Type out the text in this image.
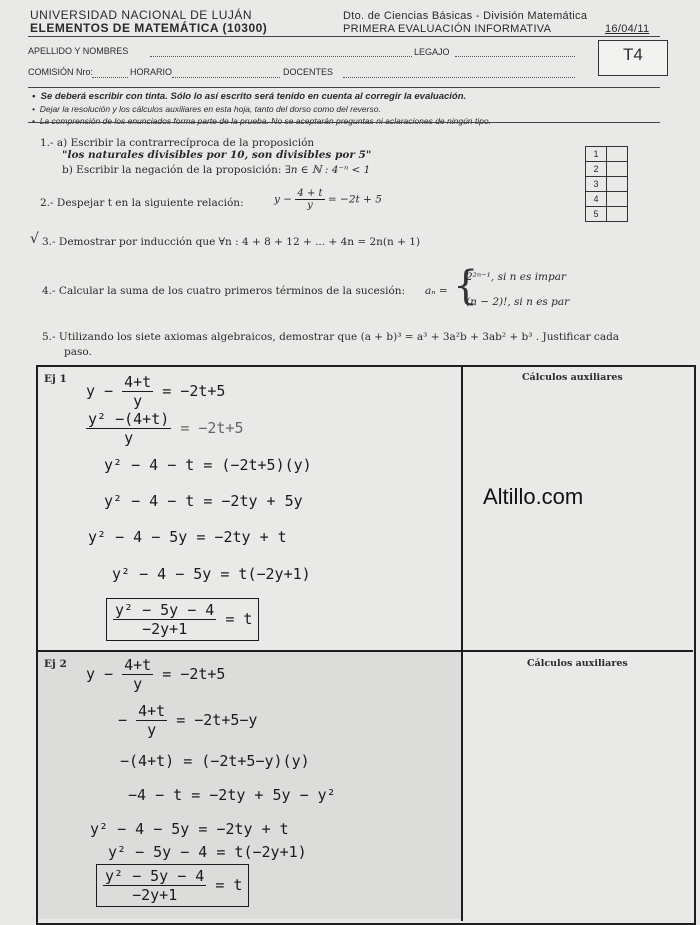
UNIVERSIDAD NACIONAL DE LUJÁN
ELEMENTOS DE MATEMÁTICA (10300)
Dto. de Ciencias Básicas - División Matemática
PRIMERA EVALUACIÓN INFORMATIVA	16/04/11
APELLIDO Y NOMBRES	LEGAJO
COMISIÓN Nro:	HORARIO	DOCENTES
T4
•  Se deberá escribir con tinta. Sólo lo así escrito será tenido en cuenta al corregir la evaluación.
•  Dejar la resolución y los cálculos auxiliares en esta hoja, tanto del dorso como del reverso.
•  La comprensión de los enunciados forma parte de la prueba. No se aceptarán preguntas ni aclaraciones de ningún tipo.
1	
2	
3	
4	
5	
1.- a) Escribir la contrarrecíproca de la proposición
"los naturales divisibles por 10, son divisibles por 5"
b) Escribir la negación de la proposición: ∃n ∈ ℕ : 4⁻ⁿ < 1
2.- Despejar t en la siguiente relación:	$y - \frac{4 + t}{y} = -2t + 5$
√ 3.- Demostrar por inducción que ∀n : 4 + 8 + 12 + ... + 4n = 2n(n + 1)
4.- Calcular la suma de los cuatro primeros términos de la sucesión: aₙ = {
2²ⁿ⁻¹, si n es impar
(n − 2)!, si n es par
5.- Utilizando los siete axiomas algebraicos, demostrar que (a + b)³ = a³ + 3a²b + 3ab² + b³ . Justificar cada
paso.
Ej 1
Ej 2
Cálculos auxiliares
Cálculos auxiliares
Altillo.com
$y - \frac{4+t}{y} = -2t+5$
$\frac{\text{y² −(4+t)}}{y} = -2t+5$
y² − 4 − t = (−2t+5)(y)
y² − 4 − t = −2ty + 5y
y² − 4 − 5y = −2ty + t
y² − 4 − 5y = t(−2y+1)
$\frac{\text{y² − 5y − 4}}{-2y+1} = t$
$y - \frac{4+t}{y} = -2t+5$
− $\frac{4+t}{y} = -2t+5-y$
−(4+t) = (−2t+5−y)(y)
−4 − t = −2ty + 5y − y²
y² − 4 − 5y = −2ty + t
y² − 5y − 4 = t(−2y+1)
$\frac{\text{y² − 5y − 4}}{-2y+1} = t$
